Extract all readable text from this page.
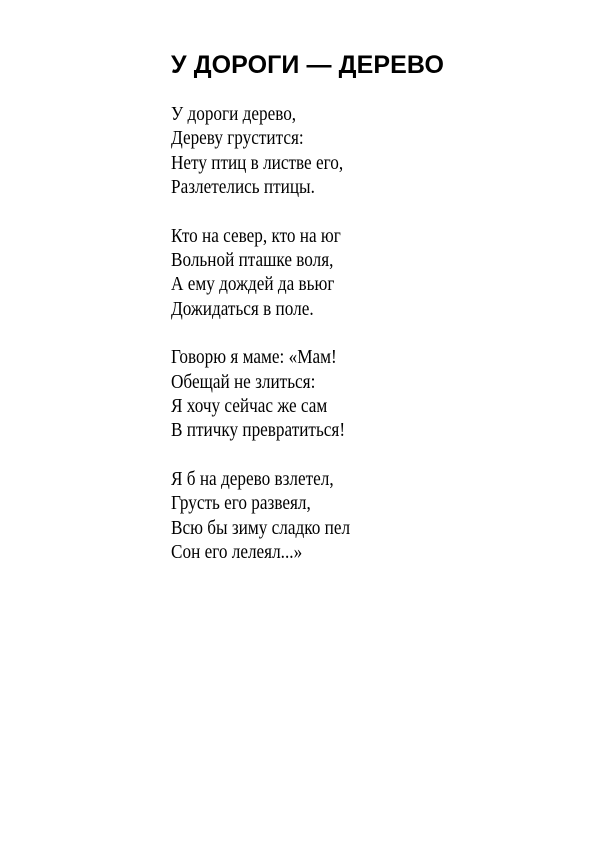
У ДОРОГИ — ДЕРЕВО
У дороги дерево,
Дереву грустится:
Нету птиц в листве его,
Разлетелись птицы.
Кто на север, кто на юг
Вольной пташке воля,
А ему дождей да вьюг
Дожидаться в поле.
Говорю я маме: «Мам!
Обещай не злиться:
Я хочу сейчас же сам
В птичку превратиться!
Я б на дерево взлетел,
Грусть его развеял,
Всю бы зиму сладко пел
Сон его лелеял...»
